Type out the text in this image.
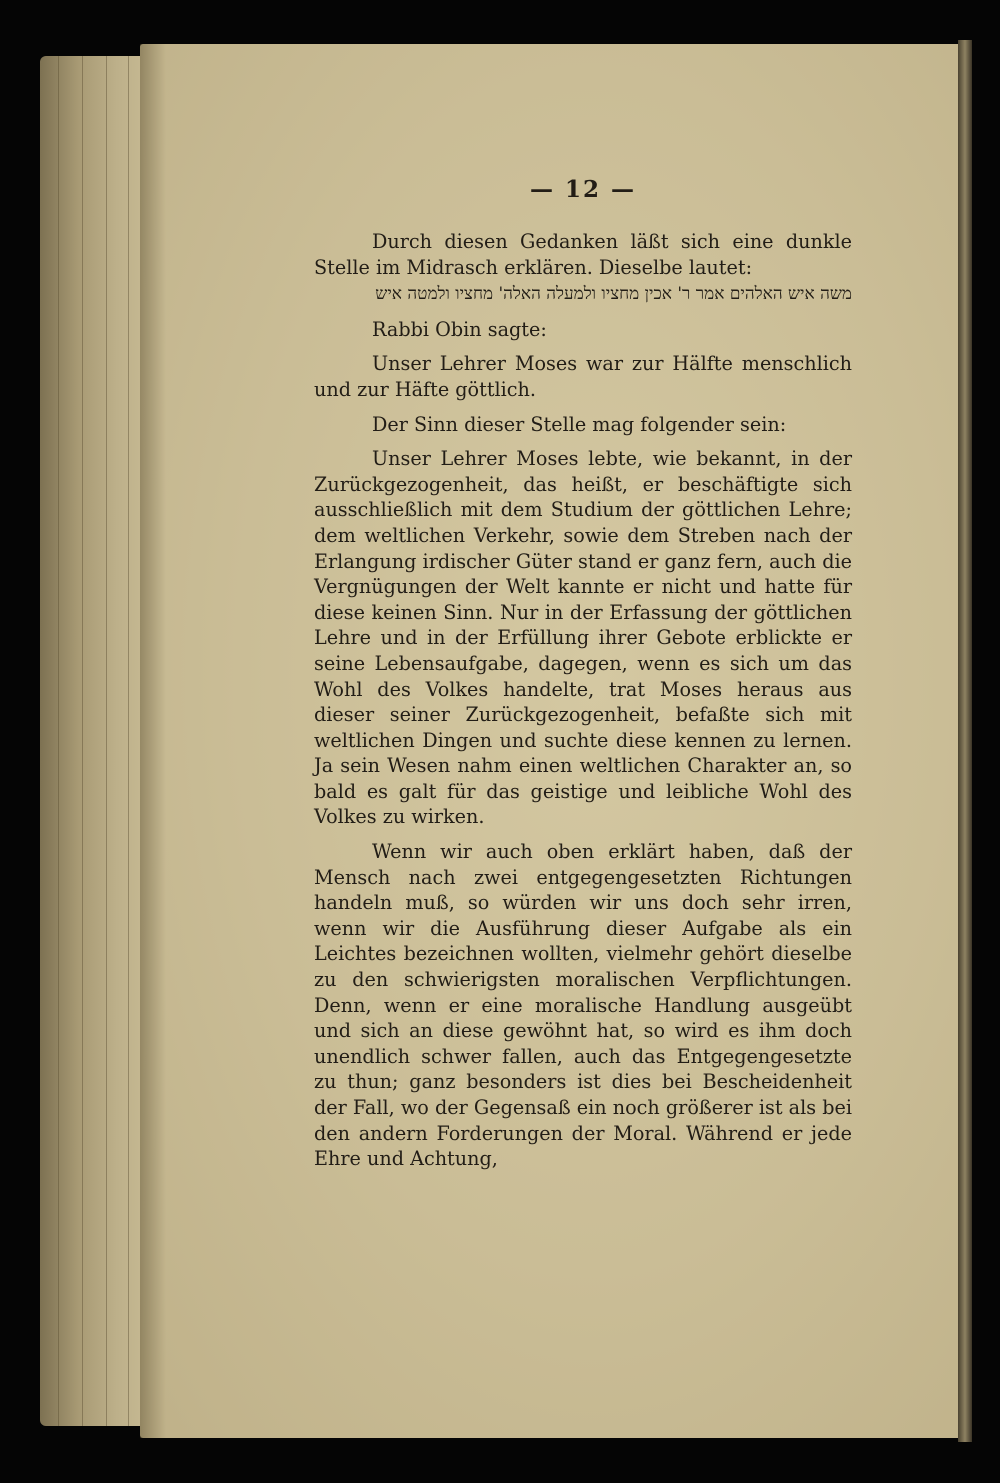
— 12 —

Durch diesen Gedanken läßt sich eine dunkle Stelle im Midrasch erklären. Dieselbe lautet:

משה איש האלהים אמר ר' אכין מחציו ולמעלה האלה' מחציו ולמטה איש

Rabbi Obin sagte:

Unser Lehrer Moses war zur Hälfte menschlich und zur Häfte göttlich.

Der Sinn dieser Stelle mag folgender sein:

Unser Lehrer Moses lebte, wie bekannt, in der Zurückgezogenheit, das heißt, er beschäftigte sich ausschließlich mit dem Studium der göttlichen Lehre; dem weltlichen Verkehr, sowie dem Streben nach der Erlangung irdischer Güter stand er ganz fern, auch die Vergnügungen der Welt kannte er nicht und hatte für diese keinen Sinn. Nur in der Erfassung der göttlichen Lehre und in der Erfüllung ihrer Gebote erblickte er seine Lebensaufgabe, dagegen, wenn es sich um das Wohl des Volkes handelte, trat Moses heraus aus dieser seiner Zurückgezogenheit, befaßte sich mit weltlichen Dingen und suchte diese kennen zu lernen. Ja sein Wesen nahm einen weltlichen Charakter an, so bald es galt für das geistige und leibliche Wohl des Volkes zu wirken.

Wenn wir auch oben erklärt haben, daß der Mensch nach zwei entgegengesetzten Richtungen handeln muß, so würden wir uns doch sehr irren, wenn wir die Ausführung dieser Aufgabe als ein Leichtes bezeichnen wollten, vielmehr gehört dieselbe zu den schwierigsten moralischen Verpflichtungen. Denn, wenn er eine moralische Handlung ausgeübt und sich an diese gewöhnt hat, so wird es ihm doch unendlich schwer fallen, auch das Entgegengesetzte zu thun; ganz besonders ist dies bei Bescheidenheit der Fall, wo der Gegensaß ein noch größerer ist als bei den andern Forderungen der Moral. Während er jede Ehre und Achtung,
